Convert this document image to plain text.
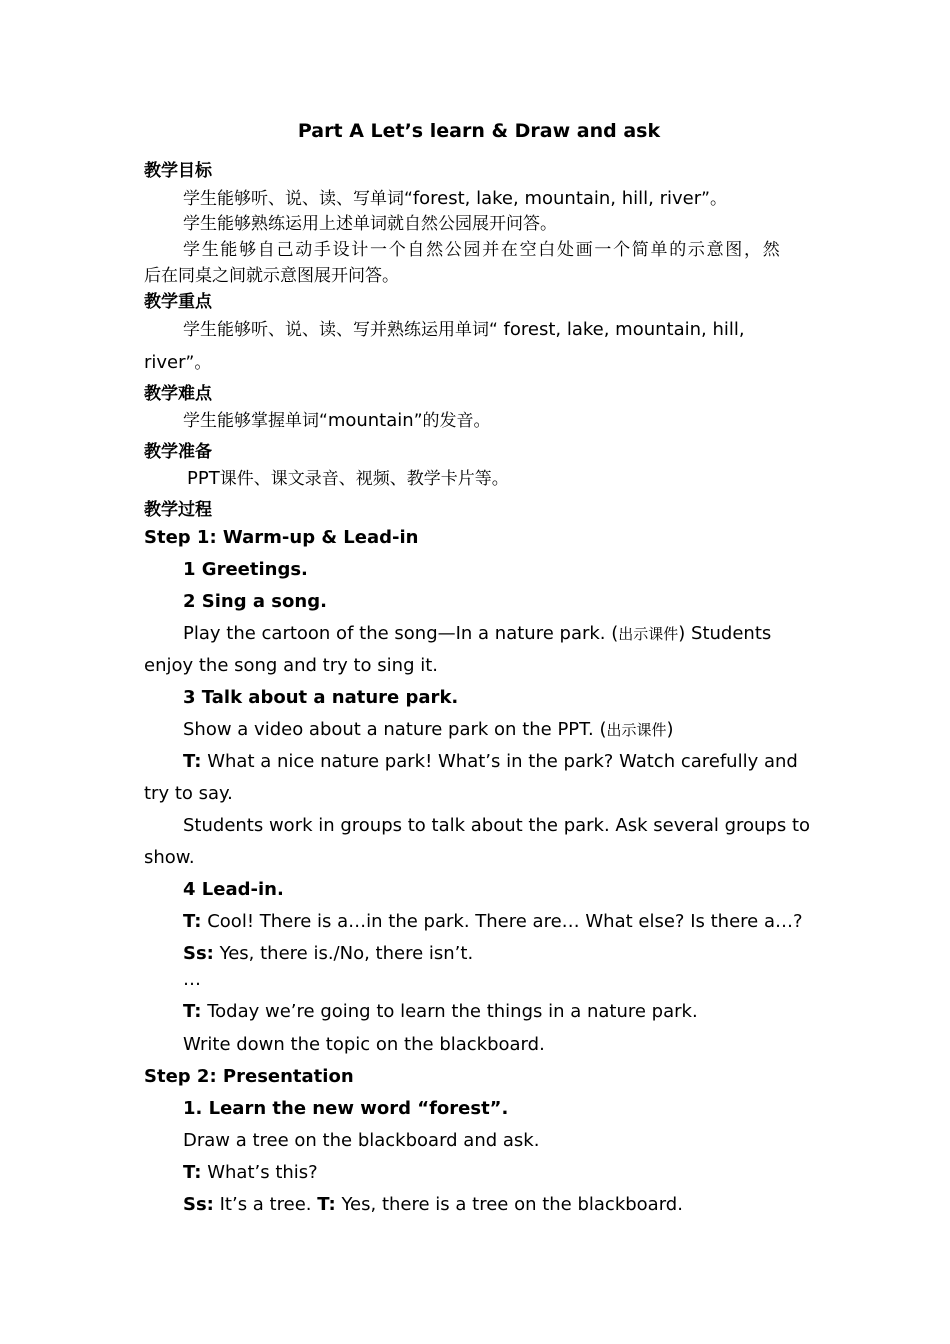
Part A Let’s learn & Draw and ask
教学目标
学生能够听、说、读、写单词“forest, lake, mountain, hill, river”。
学生能够熟练运用上述单词就自然公园展开问答。
学生能够自己动手设计一个自然公园并在空白处画一个简单的示意图，然
后在同桌之间就示意图展开问答。
教学重点
学生能够听、说、读、写并熟练运用单词“ forest, lake, mountain, hill,
river”。
教学难点
学生能够掌握单词“mountain”的发音。
教学准备
PPT课件、课文录音、视频、教学卡片等。
教学过程
Step 1: Warm-up & Lead-in
1 Greetings.
2 Sing a song.
Play the cartoon of the song—In a nature park. (出示课件) Students
enjoy the song and try to sing it.
3 Talk about a nature park.
Show a video about a nature park on the PPT. (出示课件)
T: What a nice nature park! What’s in the park? Watch carefully and
try to say.
Students work in groups to talk about the park. Ask several groups to
show.
4 Lead-in.
T: Cool! There is a…in the park. There are… What else? Is there a…?
Ss: Yes, there is./No, there isn’t.
…
T: Today we’re going to learn the things in a nature park.
Write down the topic on the blackboard.
Step 2: Presentation
1. Learn the new word “forest”.
Draw a tree on the blackboard and ask.
T: What’s this?
Ss: It’s a tree. T: Yes, there is a tree on the blackboard.
